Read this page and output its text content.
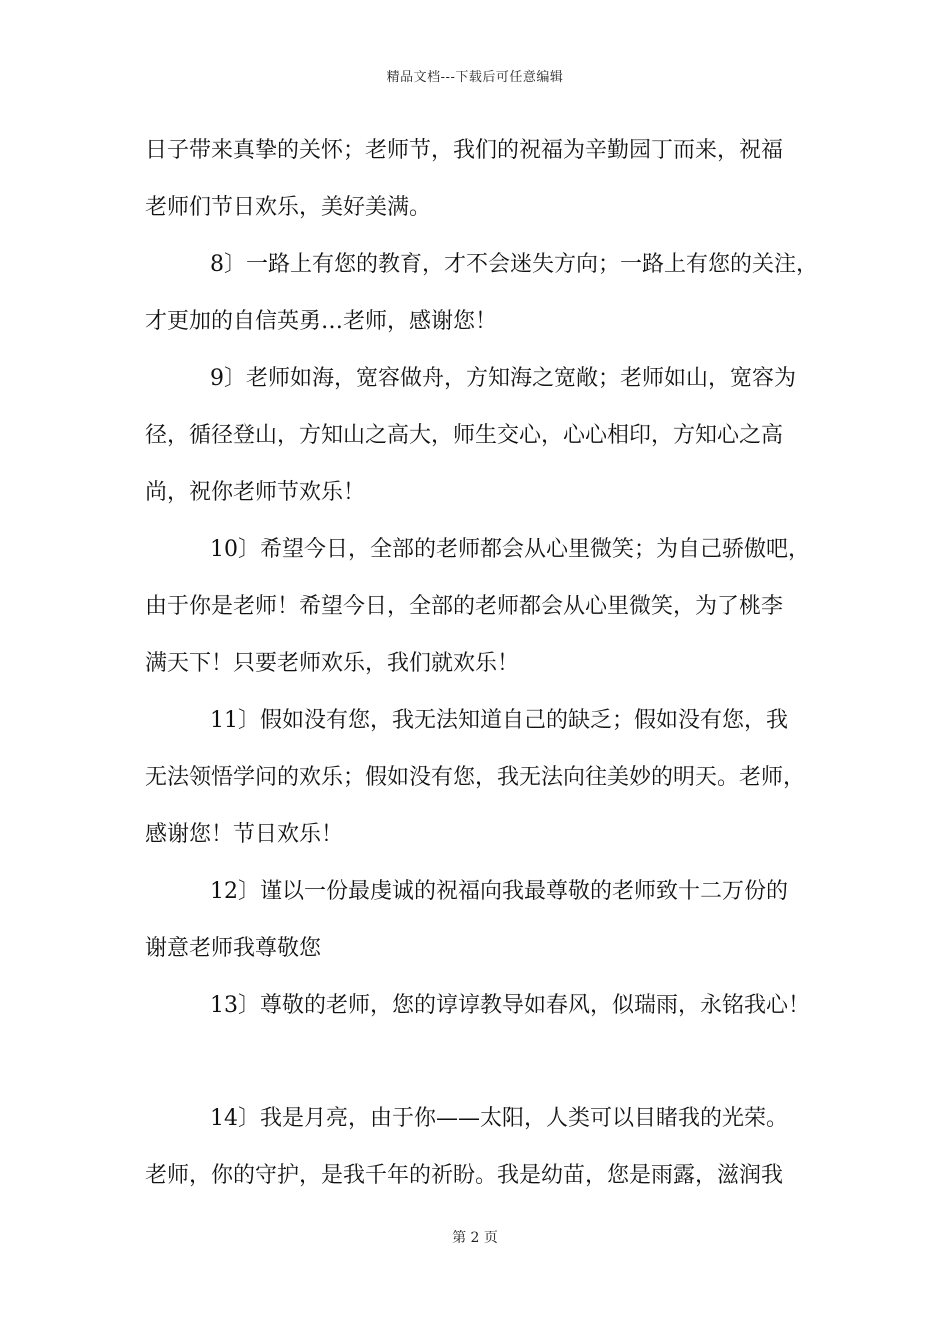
精品文档---下载后可任意编辑
日子带来真挚的关怀；老师节，我们的祝福为辛勤园丁而来，祝福
老师们节日欢乐，美好美满。
8〕一路上有您的教育，才不会迷失方向；一路上有您的关注，
才更加的自信英勇…老师，感谢您！
9〕老师如海，宽容做舟，方知海之宽敞；老师如山，宽容为
径，循径登山，方知山之高大，师生交心，心心相印，方知心之高
尚，祝你老师节欢乐！
10〕希望今日，全部的老师都会从心里微笑；为自己骄傲吧，
由于你是老师！希望今日，全部的老师都会从心里微笑，为了桃李
满天下！只要老师欢乐，我们就欢乐！
11〕假如没有您，我无法知道自己的缺乏；假如没有您，我
无法领悟学问的欢乐；假如没有您，我无法向往美妙的明天。老师，
感谢您！节日欢乐！
12〕谨以一份最虔诚的祝福向我最尊敬的老师致十二万份的
谢意老师我尊敬您
13〕尊敬的老师，您的谆谆教导如春风，似瑞雨，永铭我心！
14〕我是月亮，由于你——太阳，人类可以目睹我的光荣。
老师，你的守护，是我千年的祈盼。我是幼苗，您是雨露，滋润我
第 2 页
